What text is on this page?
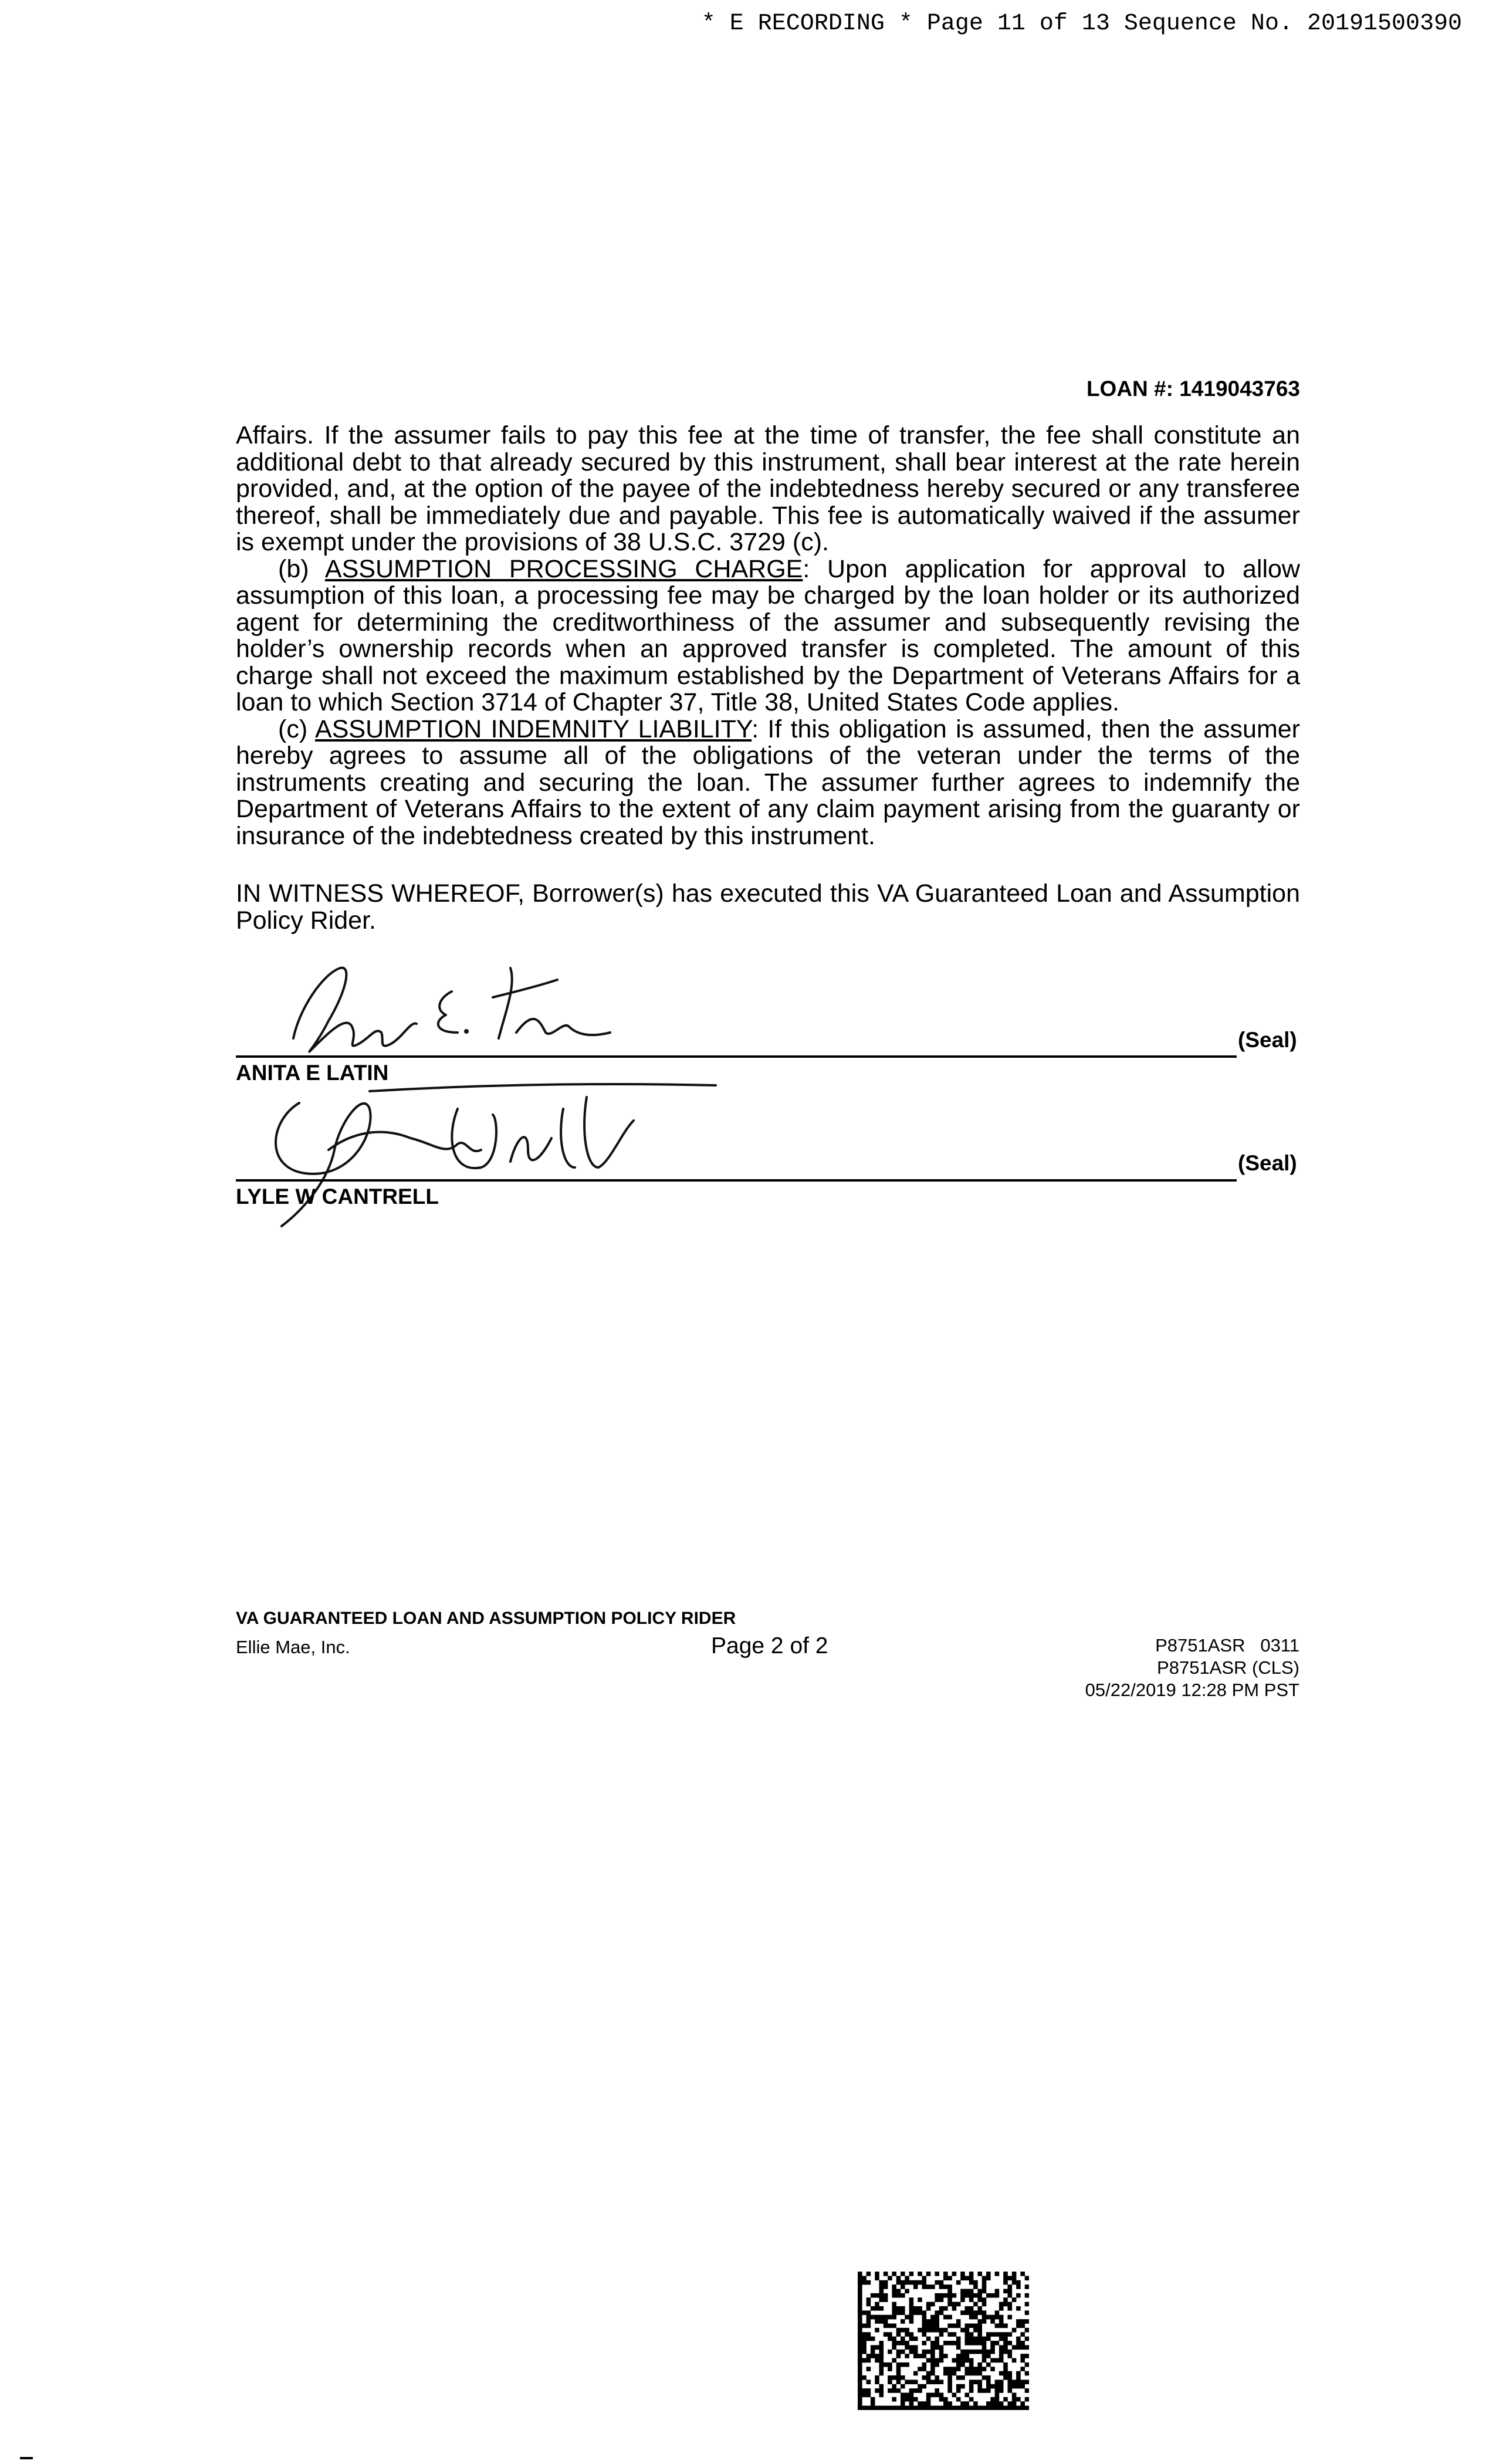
* E RECORDING * Page 11 of 13 Sequence No. 20191500390
LOAN #: 1419043763

Affairs. If the assumer fails to pay this fee at the time of transfer, the fee shall constitute an additional debt to that already secured by this instrument, shall bear interest at the rate herein provided, and, at the option of the payee of the indebtedness hereby secured or any transferee thereof, shall be immediately due and payable. This fee is automatically waived if the assumer is exempt under the provisions of 38 U.S.C. 3729 (c).

(b) ASSUMPTION PROCESSING CHARGE: Upon application for approval to allow assumption of this loan, a processing fee may be charged by the loan holder or its authorized agent for determining the creditworthiness of the assumer and subsequently revising the holder’s ownership records when an approved transfer is completed. The amount of this charge shall not exceed the maximum established by the Department of Veterans Affairs for a loan to which Section 3714 of Chapter 37, Title 38, United States Code applies.

(c) ASSUMPTION INDEMNITY LIABILITY: If this obligation is assumed, then the assumer hereby agrees to assume all of the obligations of the veteran under the terms of the instruments creating and securing the loan. The assumer further agrees to indemnify the Department of Veterans Affairs to the extent of any claim payment arising from the guaranty or insurance of the indebtedness created by this instrument.

IN WITNESS WHEREOF, Borrower(s) has executed this VA Guaranteed Loan and Assumption Policy Rider.

(Seal)
ANITA E LATIN
(Seal)
LYLE W CANTRELL
VA GUARANTEED LOAN AND ASSUMPTION POLICY RIDER
Ellie Mae, Inc.	Page 2 of 2	P8751ASR   0311
P8751ASR (CLS)
05/22/2019 12:28 PM PST
